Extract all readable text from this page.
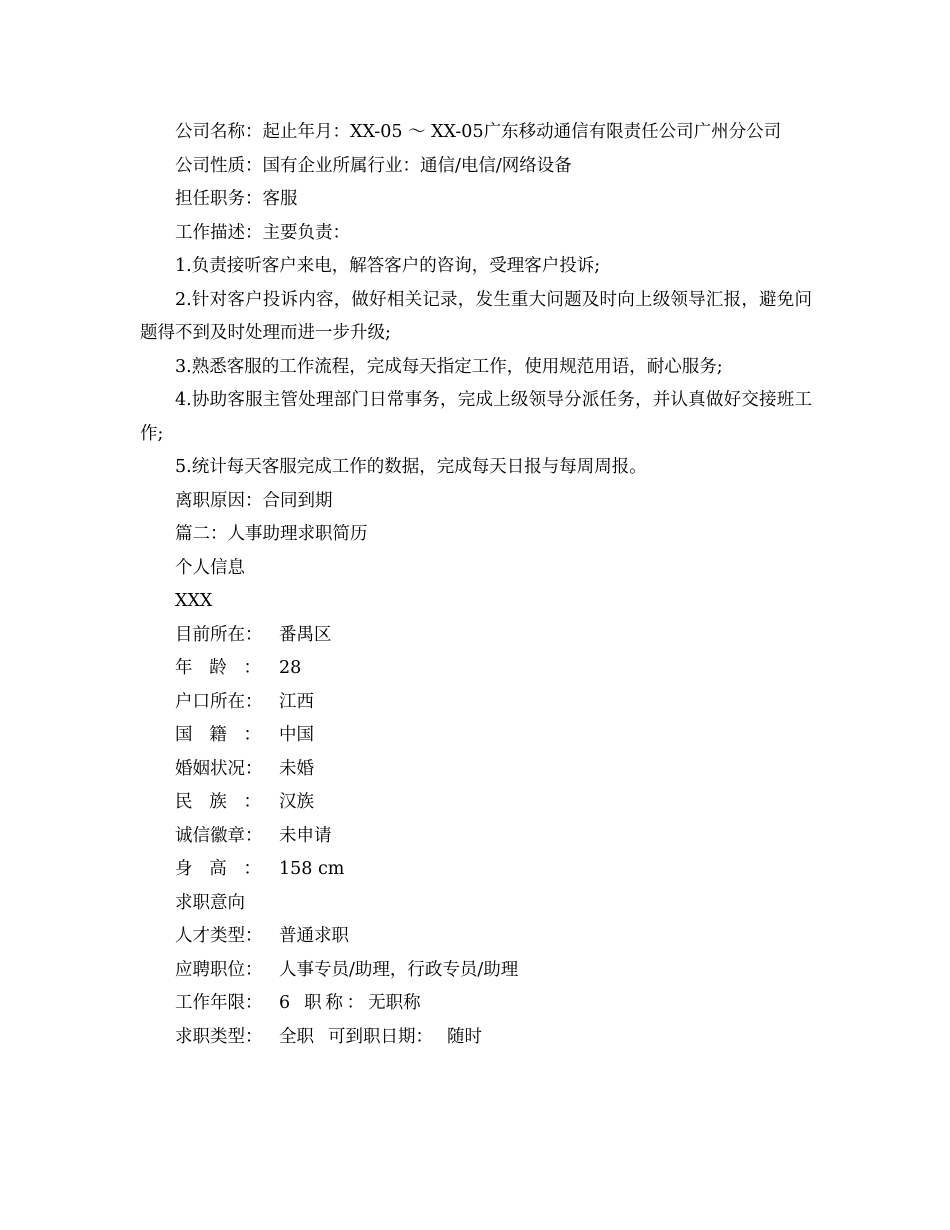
公司名称：起止年月：XX-05 ～ XX-05广东移动通信有限责任公司广州分公司

公司性质：国有企业所属行业：通信/电信/网络设备

担任职务：客服

工作描述：主要负责：

1.负责接听客户来电，解答客户的咨询，受理客户投诉;

2.针对客户投诉内容，做好相关记录，发生重大问题及时向上级领导汇报，避免问题得不到及时处理而进一步升级;

3.熟悉客服的工作流程，完成每天指定工作，使用规范用语，耐心服务;

4.协助客服主管处理部门日常事务，完成上级领导分派任务，并认真做好交接班工作;

5.统计每天客服完成工作的数据，完成每天日报与每周周报。

离职原因：合同到期

篇二：人事助理求职简历

个人信息

XXX

目前所在： 番禺区
年龄： 28
户口所在： 江西
国籍： 中国
婚姻状况： 未婚
民族： 汉族
诚信徽章： 未申请
身高： 158 cm

求职意向

人才类型： 普通求职
应聘职位： 人事专员/助理，行政专员/助理
工作年限： 6 职称： 无职称
求职类型： 全职 可到职日期： 随时
